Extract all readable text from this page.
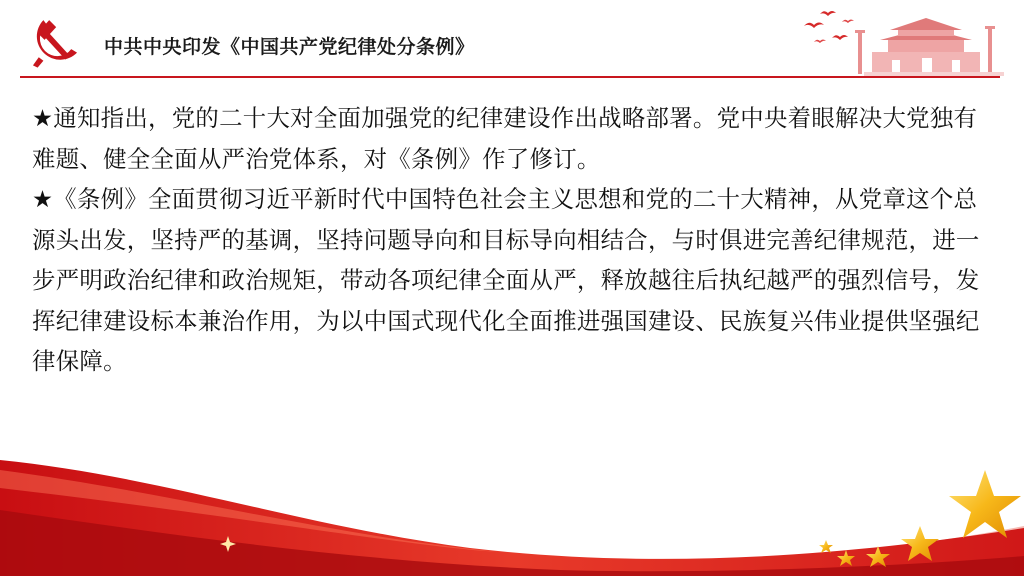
中共中央印发《中国共产党纪律处分条例》

★通知指出，党的二十大对全面加强党的纪律建设作出战略部署。党中央着眼解决大党独有难题、健全全面从严治党体系，对《条例》作了修订。

★《条例》全面贯彻习近平新时代中国特色社会主义思想和党的二十大精神，从党章这个总源头出发，坚持严的基调，坚持问题导向和目标导向相结合，与时俱进完善纪律规范，进一步严明政治纪律和政治规矩，带动各项纪律全面从严，释放越往后执纪越严的强烈信号，发挥纪律建设标本兼治作用，为以中国式现代化全面推进强国建设、民族复兴伟业提供坚强纪律保障。
